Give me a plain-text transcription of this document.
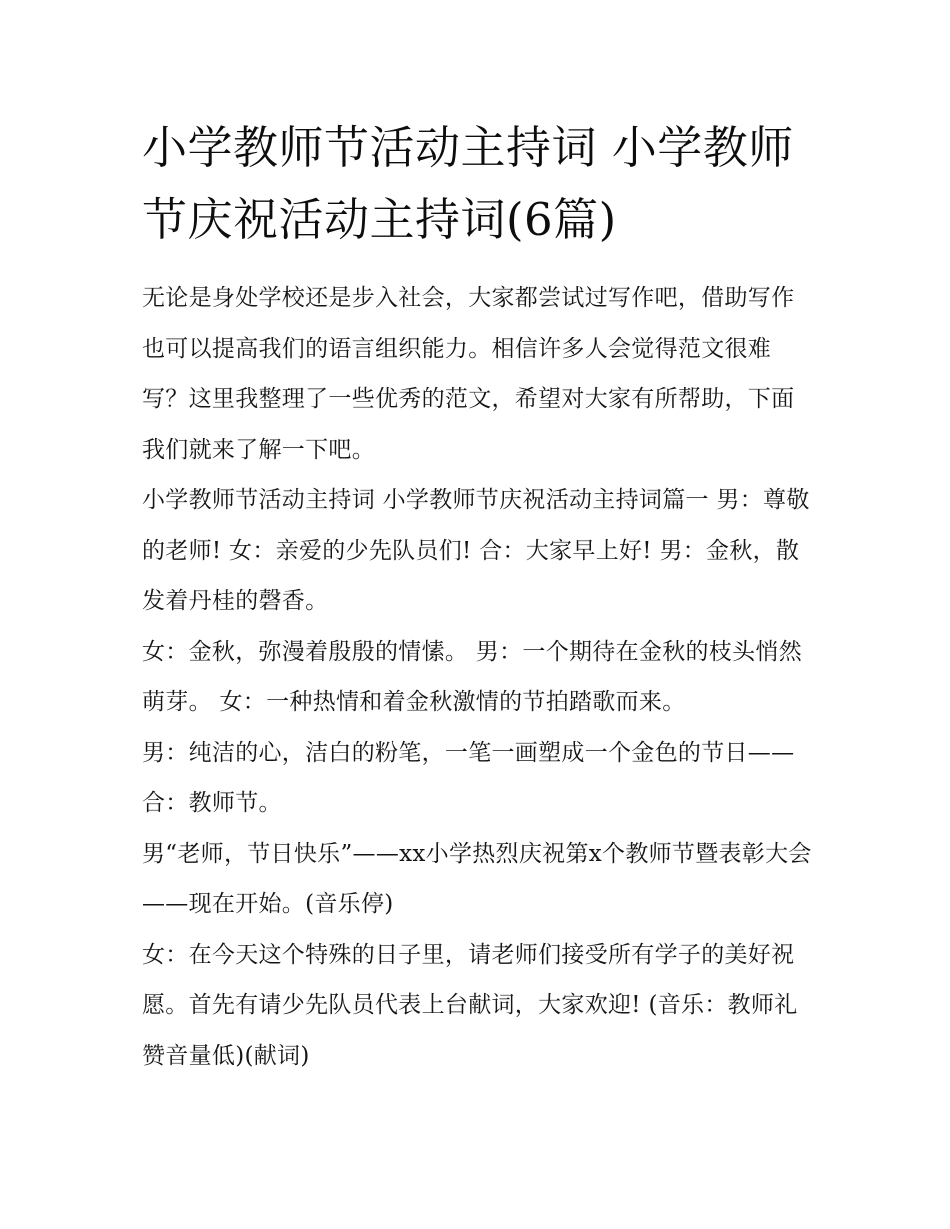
小学教师节活动主持词 小学教师节庆祝活动主持词(6篇)

无论是身处学校还是步入社会，大家都尝试过写作吧，借助写作也可以提高我们的语言组织能力。相信许多人会觉得范文很难写？这里我整理了一些优秀的范文，希望对大家有所帮助，下面我们就来了解一下吧。

小学教师节活动主持词 小学教师节庆祝活动主持词篇一 男：尊敬的老师! 女：亲爱的少先队员们! 合：大家早上好! 男：金秋，散发着丹桂的磬香。

女：金秋，弥漫着殷殷的情愫。 男：一个期待在金秋的枝头悄然萌芽。 女：一种热情和着金秋激情的节拍踏歌而来。

男：纯洁的心，洁白的粉笔，一笔一画塑成一个金色的节日—— 合：教师节。

男“老师，节日快乐”——xx小学热烈庆祝第x个教师节暨表彰大会——现在开始。(音乐停)

女：在今天这个特殊的日子里，请老师们接受所有学子的美好祝愿。首先有请少先队员代表上台献词，大家欢迎! (音乐：教师礼赞音量低)(献词)
